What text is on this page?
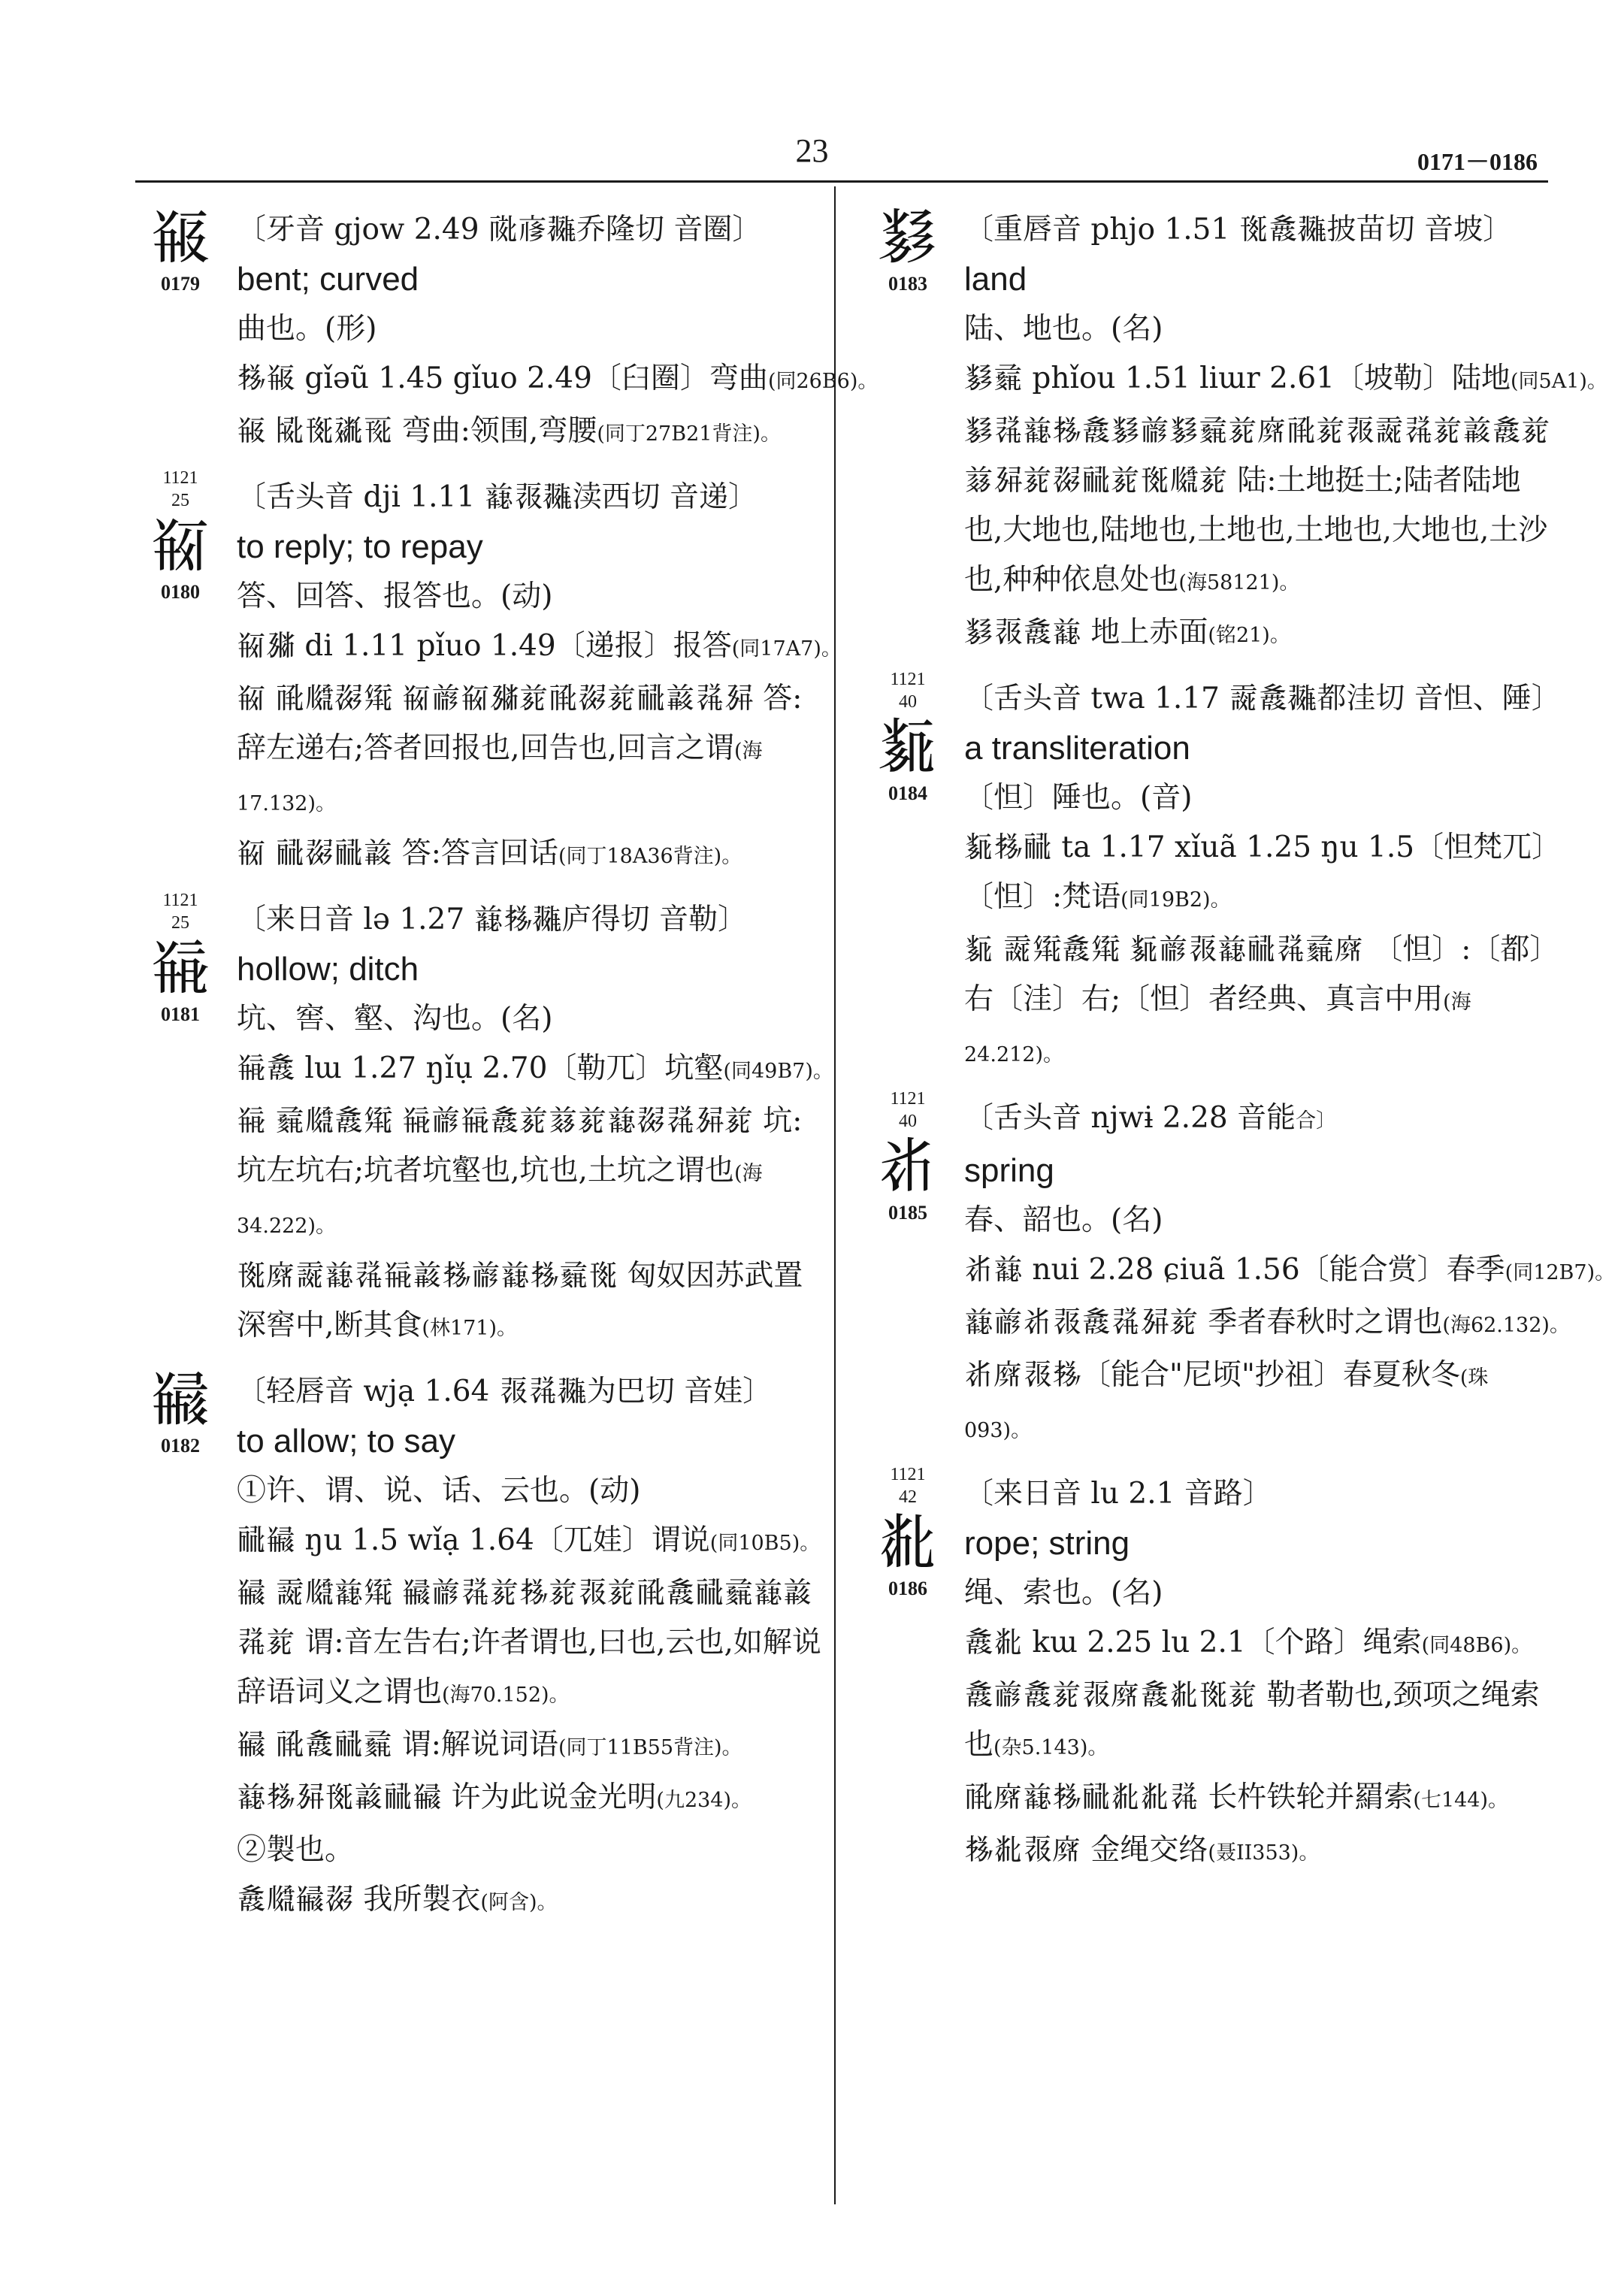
23	0171－0186
𘂀
0179
〔牙音 gjow 2.49 𗍺𗇋𗖵乔隆切 音圈〕
bent; curved
曲也。(形)
𗈪𘂀 gǐəũ 1.45 gǐuo 2.49〔臼圈〕弯曲(同26B6)。
𘂀 𗎫𗍊𗡶𗀔 弯曲:领围,弯腰(同丁27B21背注)。
1121
25
𘂁
0180
〔舌头音 dji 1.11 𗔇𗖀𗖵渎西切 音递〕
to reply; to repay
答、回答、报答也。(动)
𘂁𗉞 di 1.11 pǐuo 1.49〔递报〕报答(同17A7)。
𘂁 𗍷𗆮𗖠𗋕 𘂁𗑗𘂁𗉞𗐱𗍷𗖠𗐱𗟻𗓁𗖗𗉘 答:辞左递右;答者回报也,回告也,回言之谓(海17.132)。
𘂁 𗟻𗖠𗟻𗓁 答:答言回话(同丁18A36背注)。
1121
25
𘂂
0181
〔来日音 lə 1.27 𗔇𗈪𗖵庐得切 音勒〕
hollow; ditch
坑、窖、壑、沟也。(名)
𘂂𗐘 lɯ 1.27 ŋǐụ 2.70〔勒兀〕坑壑(同49B7)。
𘂂 𗈞𗆮𗐘𗋕 𘂂𗑗𘂂𗐘𗐱𗐿𗐱𗔇𗖠𗖗𗉘𗐱 坑:坑左坑右;坑者坑壑也,坑也,土坑之谓也(海34.222)。
𗍊𗐡𗍥𗔇𗖗𘂂𗓁𗈪𗑗𗔇𗈪𗈞𗍊 匈奴因苏武置深窖中,断其食(林171)。
𘂃
0182
〔轻唇音 wjạ 1.64 𗖀𗖗𗖵为巴切 音娃〕
to allow; to say
①许、谓、说、话、云也。(动)
𗟻𘂃 ŋu 1.5 wǐạ 1.64〔兀娃〕谓说(同10B5)。
𘂃 𗍥𗆮𗔇𗋕 𘂃𗑗𗖗𗐱𗈪𗐱𗖀𗐱𗍷𗐘𗟻𗈞𗔇𗓁𗖗𗐱 谓:音左告右;许者谓也,曰也,云也,如解说辞语词义之谓也(海70.152)。
𘂃 𗍷𗐘𗟻𗈞 谓:解说词语(同丁11B55背注)。
𗔇𗈪𗉘𗍊𗓁𗟻𘂃 许为此说金光明(九234)。
②製也。
𗐘𗆮𘂃𗖠 我所製衣(阿含)。
𘂄
0183
〔重唇音 phjo 1.51 𗍊𗐘𗖵披苗切 音坡〕
land
陆、地也。(名)
𘂄𗈞 phǐou 1.51 liɯr 2.61〔坡勒〕陆地(同5A1)。
𘂄𗖗𗔇𗈪𗐘𘂄𗑗𘂄𗈞𗐱𗐡𗍷𗐱𗖀𗍥𗖗𗐱𗓁𗐘𗐱𗐿𗉘𗐱𗖠𗟻𗐱𗍊𗆮𗐱 陆:土地挺土;陆者陆地也,大地也,陆地也,土地也,土地也,大地也,土沙也,种种依息处也(海58121)。
𘂄𗖀𗐘𗔇 地上赤面(铭21)。
1121
40
𘂅
0184
〔舌头音 twa 1.17 𗍥𗐘𗖵都洼切 音怛、陲〕
a transliteration
〔怛〕陲也。(音)
𘂅𗈪𗟻 ta 1.17 xǐuã 1.25 ŋu 1.5〔怛梵兀〕
〔怛〕:梵语(同19B2)。
𘂅 𗍥𗋕𗐘𗋕 𘂅𗑗𗖀𗔇𗟻𗖗𗈞𗐡 〔怛〕:〔都〕右〔洼〕右;〔怛〕者经典、真言中用(海24.212)。
1121
40
𘂆
0185
〔舌头音 njwɨ 2.28 音能合〕
spring
春、韶也。(名)
𘂆𗔇 nui 2.28 ɕiuã 1.56〔能合赏〕春季(同12B7)。
𗔇𗑗𘂆𗖀𗐘𗖗𗉘𗐱 季者春秋时之谓也(海62.132)。
𘂆𗐡𗖀𗈪〔能合"尼顷"抄祖〕春夏秋冬(珠093)。
1121
42
𘂇
0186
〔来日音 lu 2.1 音路〕
rope; string
绳、索也。(名)
𗐘𘂇 kɯ 2.25 lu 2.1〔个路〕绳索(同48B6)。
𗐘𗑗𗐘𗐱𗖀𗐡𗐘𘂇𗍊𗐱 勒者勒也,颈项之绳索也(杂5.143)。
𗍷𗐡𗔇𗈪𗟻𘂇𘂇𗖗 长杵铁轮并羂索(七144)。
𗈪𘂇𗖀𗐡 金绳交络(聂II353)。
